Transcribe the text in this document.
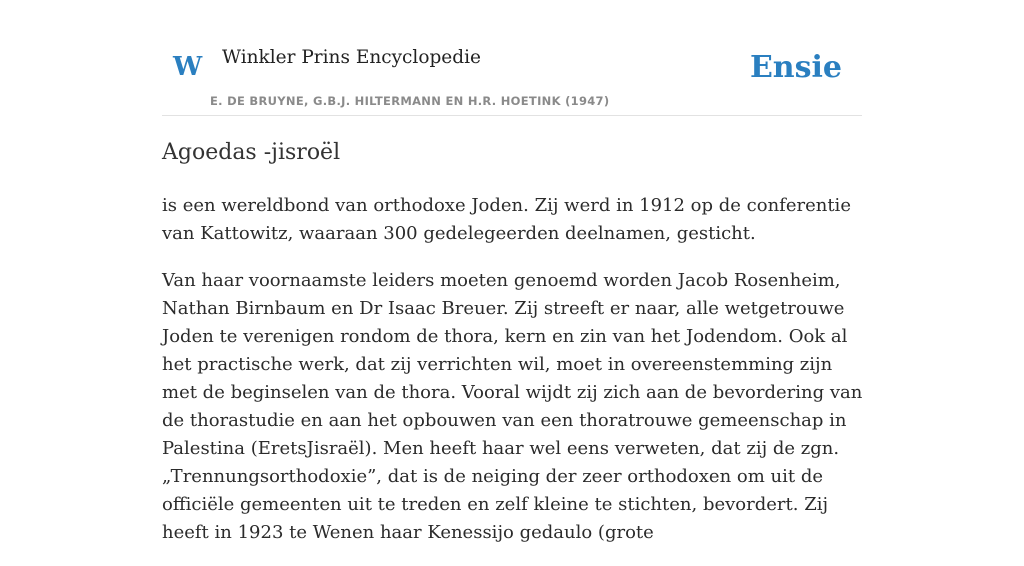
W Winkler Prins Encyclopedie
E. DE BRUYNE, G.B.J. HILTERMANN EN H.R. HOETINK (1947)
Ensie
Agoedas -jisroël

is een wereldbond van orthodoxe Joden. Zij werd in 1912 op de conferentie van Kattowitz, waaraan 300 gedelegeerden deelnamen, gesticht.

Van haar voornaamste leiders moeten genoemd worden Jacob Rosenheim, Nathan Birnbaum en Dr Isaac Breuer. Zij streeft er naar, alle wetgetrouwe Joden te verenigen rondom de thora, kern en zin van het Jodendom. Ook al het practische werk, dat zij verrichten wil, moet in overeenstemming zijn met de beginselen van de thora. Vooral wijdt zij zich aan de bevordering van de thorastudie en aan het opbouwen van een thoratrouwe gemeenschap in Palestina (EretsJisraël). Men heeft haar wel eens verweten, dat zij de zgn. „Trennungsorthodoxie”, dat is de neiging der zeer orthodoxen om uit de officiële gemeenten uit te treden en zelf kleine te stichten, bevordert. Zij heeft in 1923 te Wenen haar Kenessijo gedaulo (grote
